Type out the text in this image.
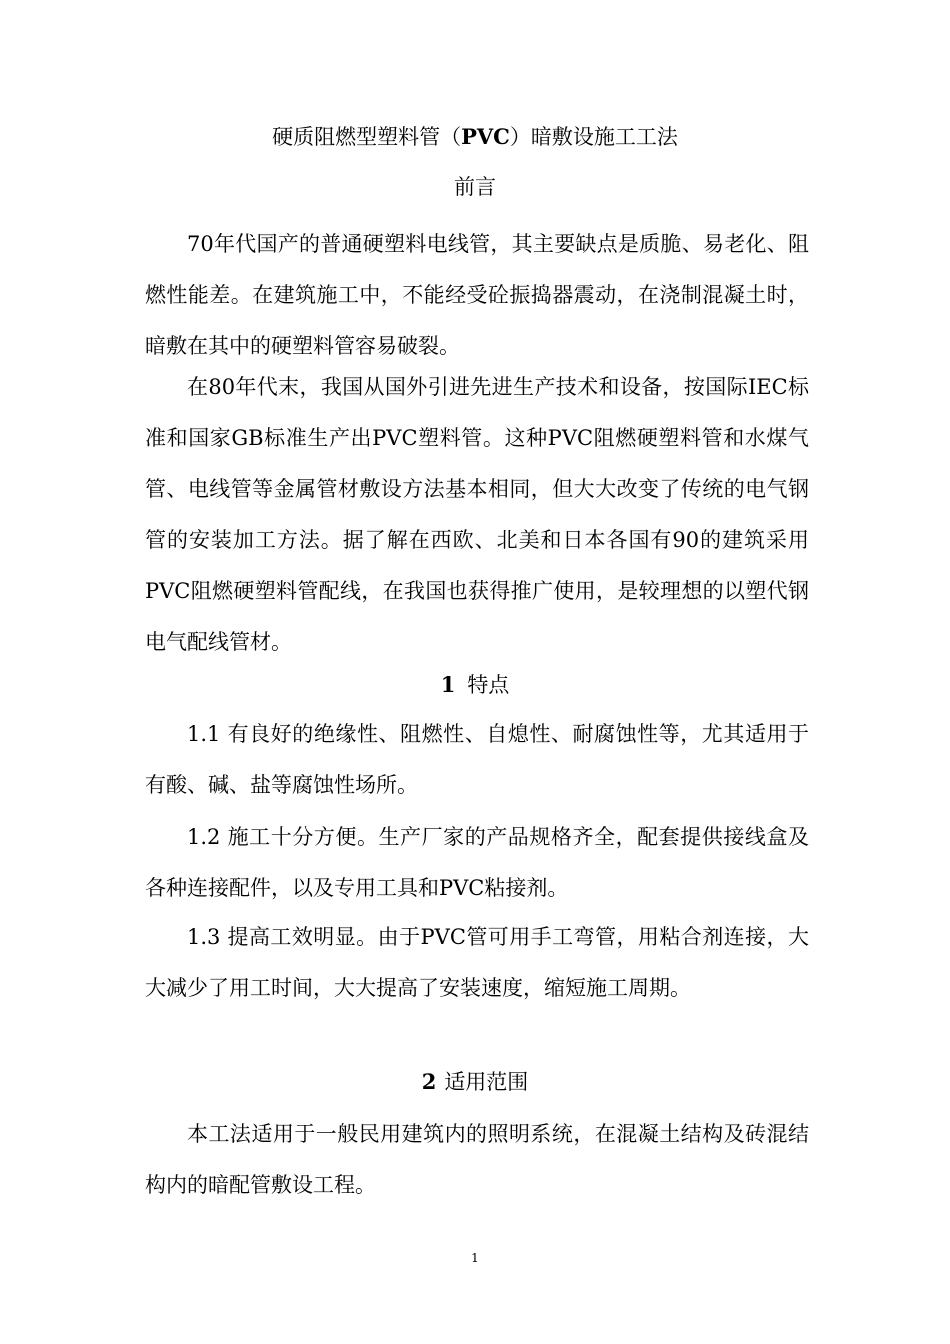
硬质阻燃型塑料管（PVC）暗敷设施工工法
前言

70年代国产的普通硬塑料电线管，其主要缺点是质脆、易老化、阻燃性能差。在建筑施工中，不能经受砼振捣器震动，在浇制混凝土时，暗敷在其中的硬塑料管容易破裂。

在80年代末，我国从国外引进先进生产技术和设备，按国际IEC标准和国家GB标准生产出PVC塑料管。这种PVC阻燃硬塑料管和水煤气管、电线管等金属管材敷设方法基本相同，但大大改变了传统的电气钢管的安装加工方法。据了解在西欧、北美和日本各国有90的建筑采用PVC阻燃硬塑料管配线，在我国也获得推广使用，是较理想的以塑代钢电气配线管材。

1 特点

1.1 有良好的绝缘性、阻燃性、自熄性、耐腐蚀性等，尤其适用于有酸、碱、盐等腐蚀性场所。

1.2 施工十分方便。生产厂家的产品规格齐全，配套提供接线盒及各种连接配件，以及专用工具和PVC粘接剂。

1.3 提高工效明显。由于PVC管可用手工弯管，用粘合剂连接，大大减少了用工时间，大大提高了安装速度，缩短施工周期。

2 适用范围

本工法适用于一般民用建筑内的照明系统，在混凝土结构及砖混结构内的暗配管敷设工程。

1
